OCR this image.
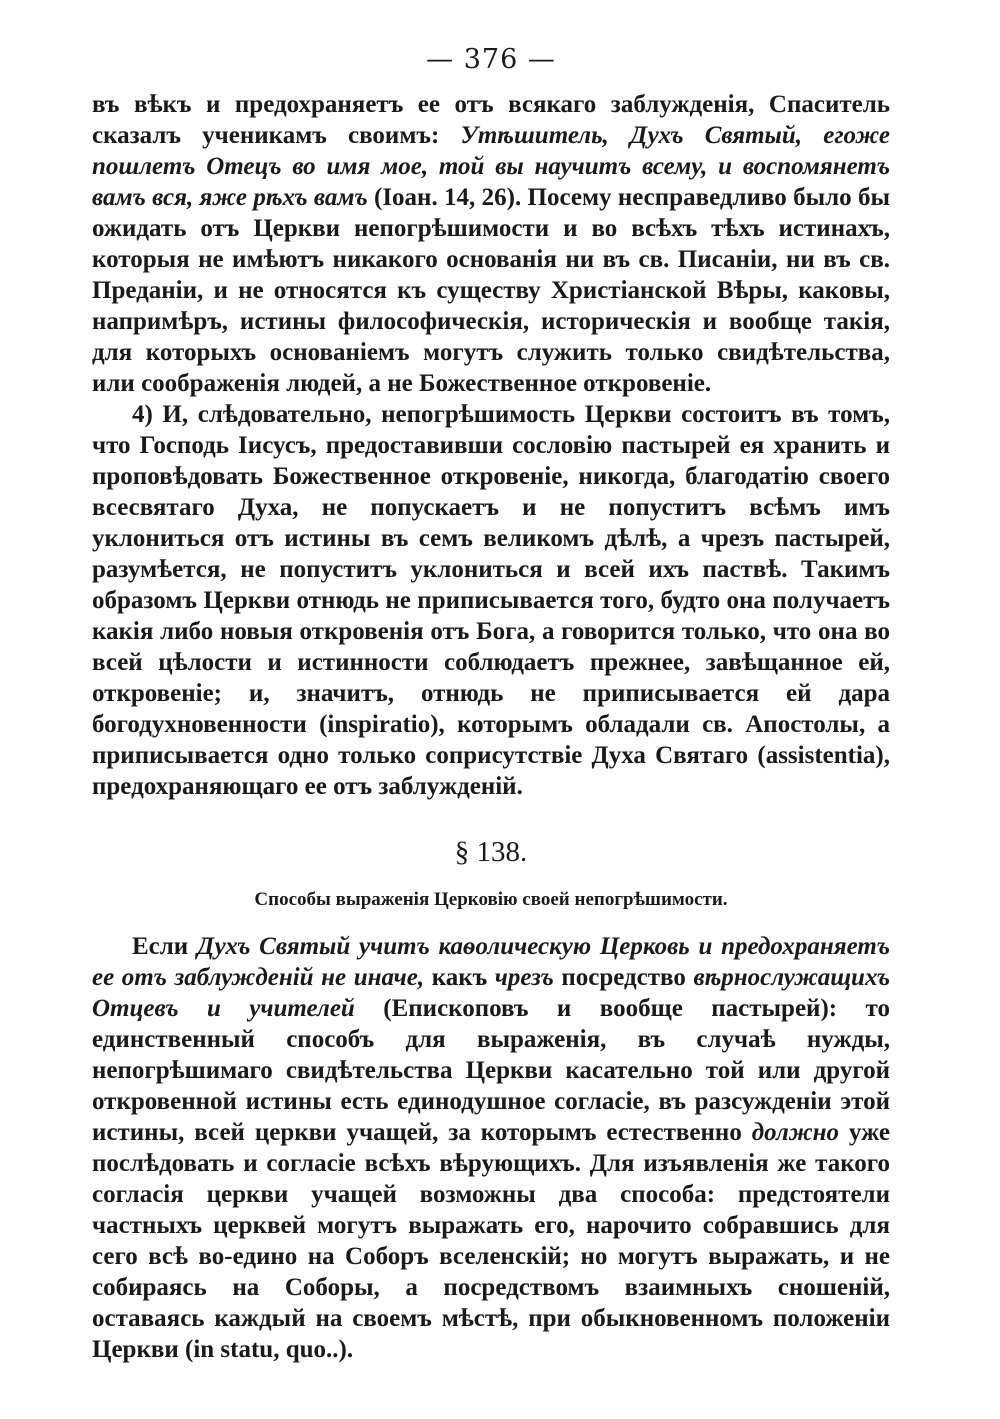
— 376 —

въ вѣкъ и предохраняетъ ее отъ всякаго заблужденія, Спаситель сказалъ ученикамъ своимъ: Утѣшитель, Духъ Святый, егоже пошлетъ Отецъ во имя мое, той вы научитъ всему, и воспомянетъ вамъ вся, яже рѣхъ вамъ (Іоан. 14, 26). Посему несправедливо было бы ожидать отъ Церкви непогрѣшимости и во всѣхъ тѣхъ истинахъ, которыя не имѣютъ никакого основанія ни въ св. Писаніи, ни въ св. Преданіи, и не относятся къ существу Христіанской Вѣры, каковы, напримѣръ, истины философическія, историческія и вообще такія, для которыхъ основаніемъ могутъ служить только свидѣтельства, или соображенія людей, а не Божественное откровеніе.

4) И, слѣдовательно, непогрѣшимость Церкви состоитъ въ томъ, что Господь Іисусъ, предоставивши сословію пастырей ея хранить и проповѣдовать Божественное откровеніе, никогда, благодатію своего всесвятаго Духа, не попускаетъ и не попуститъ всѣмъ имъ уклониться отъ истины въ семъ великомъ дѣлѣ, а чрезъ пастырей, разумѣется, не попуститъ уклониться и всей ихъ паствѣ. Такимъ образомъ Церкви отнюдь не приписывается того, будто она получаетъ какія либо новыя откровенія отъ Бога, а говорится только, что она во всей цѣлости и истинности соблюдаетъ прежнее, завѣщанное ей, откровеніе; и, значитъ, отнюдь не приписывается ей дара богодухновенности (inspiratio), которымъ обладали св. Апостолы, а приписывается одно только соприсутствіе Духа Святаго (assistentia), предохраняющаго ее отъ заблужденій.

§ 138.
Способы выраженія Церковію своей непогрѣшимости.

Если Духъ Святый учитъ каѳолическую Церковь и предохраняетъ ее отъ заблужденій не иначе, какъ чрезъ посредство вѣрнослужащихъ Отцевъ и учителей (Епископовъ и вообще пастырей): то единственный способъ для выраженія, въ случаѣ нужды, непогрѣшимаго свидѣтельства Церкви касательно той или другой откровенной истины есть единодушное согласіе, въ разсужденіи этой истины, всей церкви учащей, за которымъ естественно должно уже послѣдовать и согласіе всѣхъ вѣрующихъ. Для изъявленія же такого согласія церкви учащей возможны два способа: предстоятели частныхъ церквей могутъ выражать его, нарочито собравшись для сего всѣ во-едино на Соборъ вселенскій; но могутъ выражать, и не собираясь на Соборы, а посредствомъ взаимныхъ сношеній, оставаясь каждый на своемъ мѣстѣ, при обыкновенномъ положеніи Церкви (in statu, quo..).
